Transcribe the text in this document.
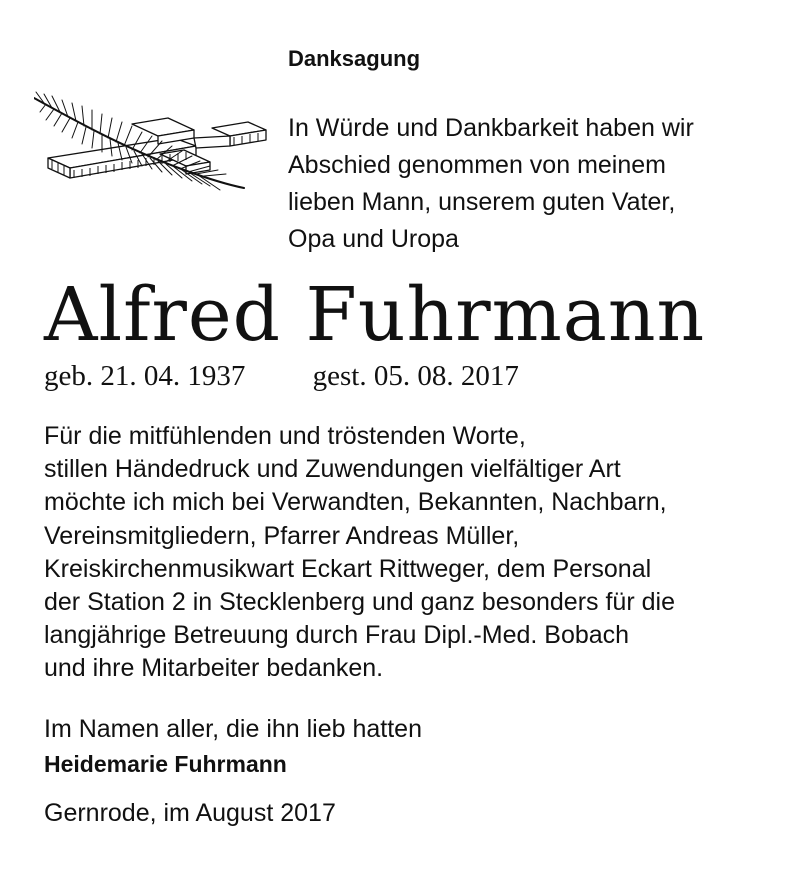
Danksagung
In Würde und Dankbarkeit haben wir
Abschied genommen von meinem
lieben Mann, unserem guten Vater,
Opa und Uropa
Alfred Fuhrmann
geb. 21. 04. 1937 gest. 05. 08. 2017
Für die mitfühlenden und tröstenden Worte,
stillen Händedruck und Zuwendungen vielfältiger Art
möchte ich mich bei Verwandten, Bekannten, Nachbarn,
Vereinsmitgliedern, Pfarrer Andreas Müller,
Kreiskirchenmusikwart Eckart Rittweger, dem Personal
der Station 2 in Stecklenberg und ganz besonders für die
langjährige Betreuung durch Frau Dipl.-Med. Bobach
und ihre Mitarbeiter bedanken.
Im Namen aller, die ihn lieb hatten
Heidemarie Fuhrmann
Gernrode, im August 2017
